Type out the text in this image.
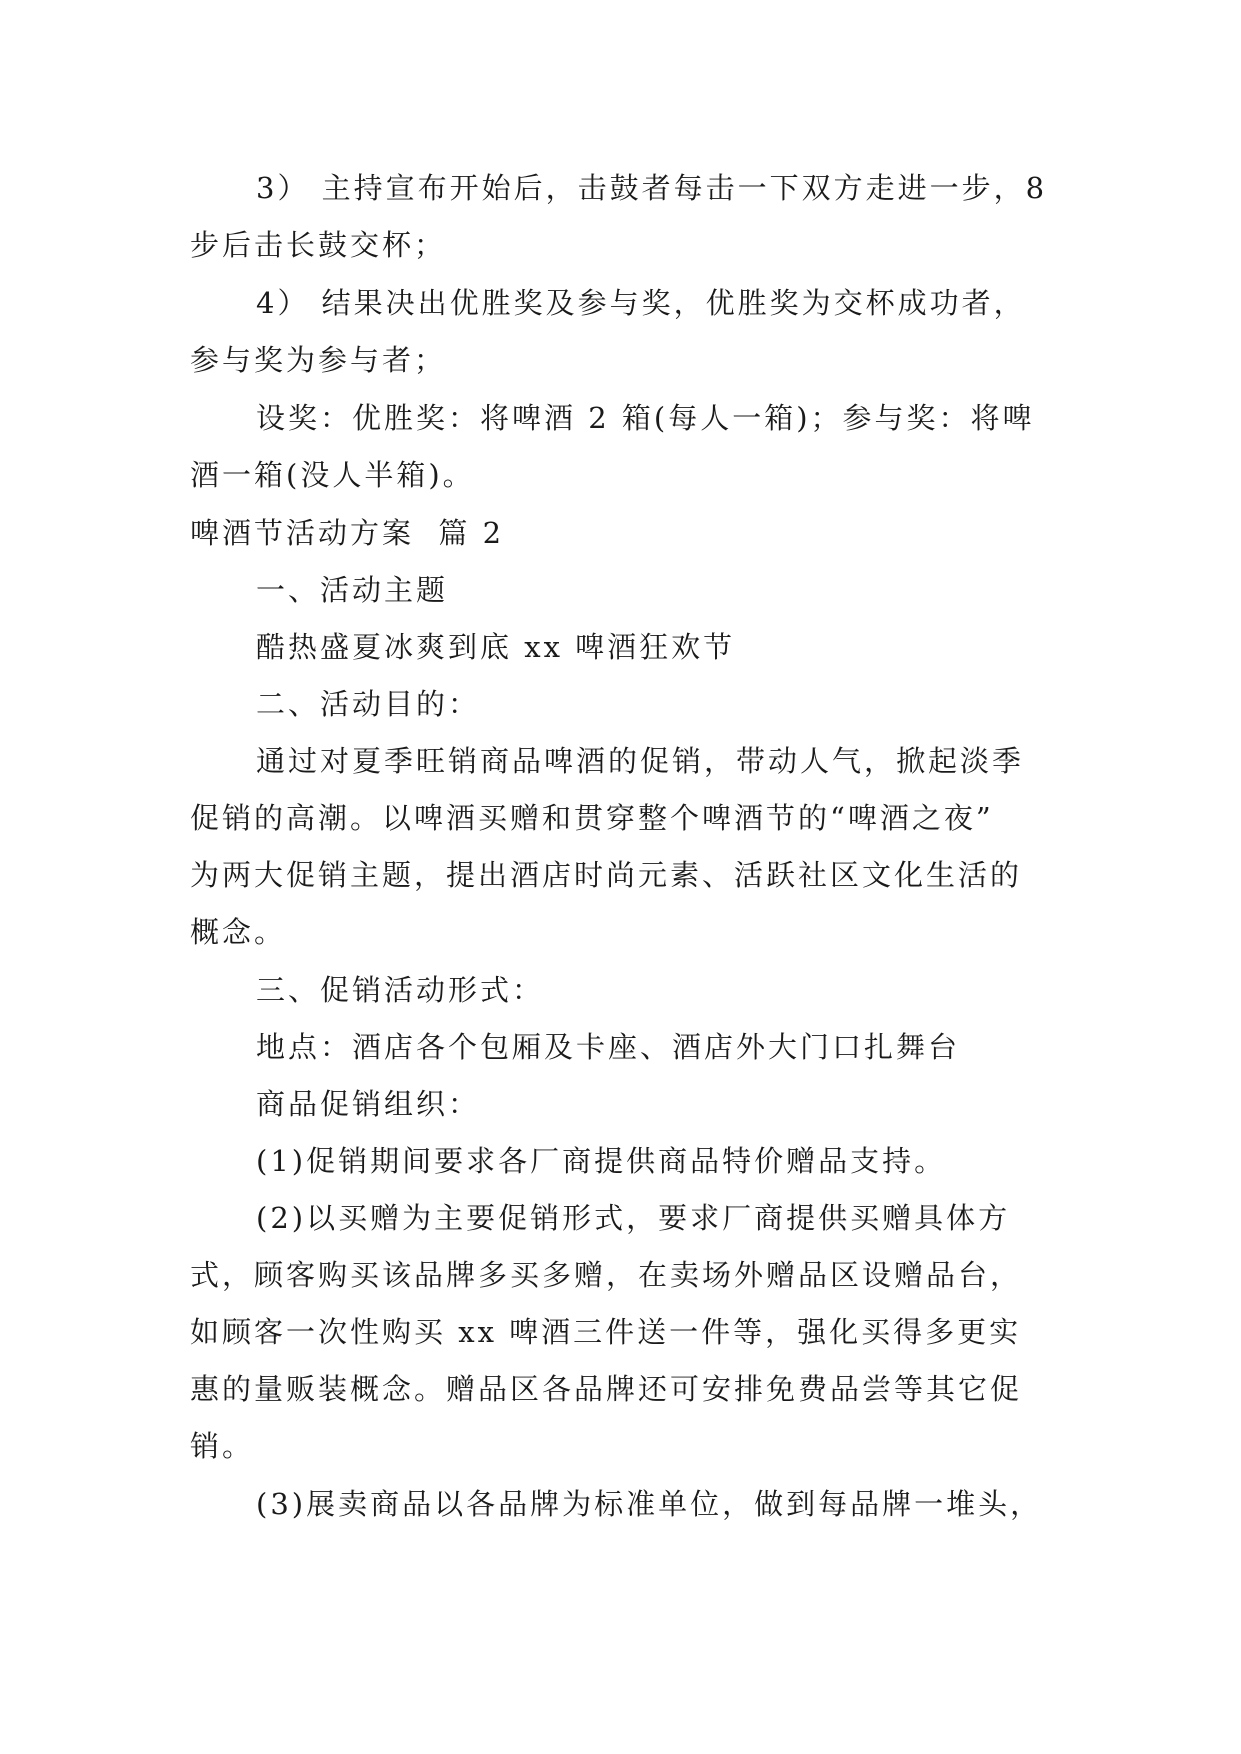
3） 主持宣布开始后，击鼓者每击一下双方走进一步，8
步后击长鼓交杯；

4） 结果决出优胜奖及参与奖，优胜奖为交杯成功者，
参与奖为参与者；

设奖：优胜奖：将啤酒 2 箱(每人一箱)；参与奖：将啤
酒一箱(没人半箱)。

啤酒节活动方案  篇 2

一、活动主题

酷热盛夏冰爽到底 xx 啤酒狂欢节

二、活动目的：

通过对夏季旺销商品啤酒的促销，带动人气，掀起淡季
促销的高潮。以啤酒买赠和贯穿整个啤酒节的“啤酒之夜”
为两大促销主题，提出酒店时尚元素、活跃社区文化生活的
概念。

三、促销活动形式：

地点：酒店各个包厢及卡座、酒店外大门口扎舞台

商品促销组织：

(1)促销期间要求各厂商提供商品特价赠品支持。

(2)以买赠为主要促销形式，要求厂商提供买赠具体方
式，顾客购买该品牌多买多赠，在卖场外赠品区设赠品台，
如顾客一次性购买 xx 啤酒三件送一件等，强化买得多更实
惠的量贩装概念。赠品区各品牌还可安排免费品尝等其它促
销。

(3)展卖商品以各品牌为标准单位，做到每品牌一堆头，
